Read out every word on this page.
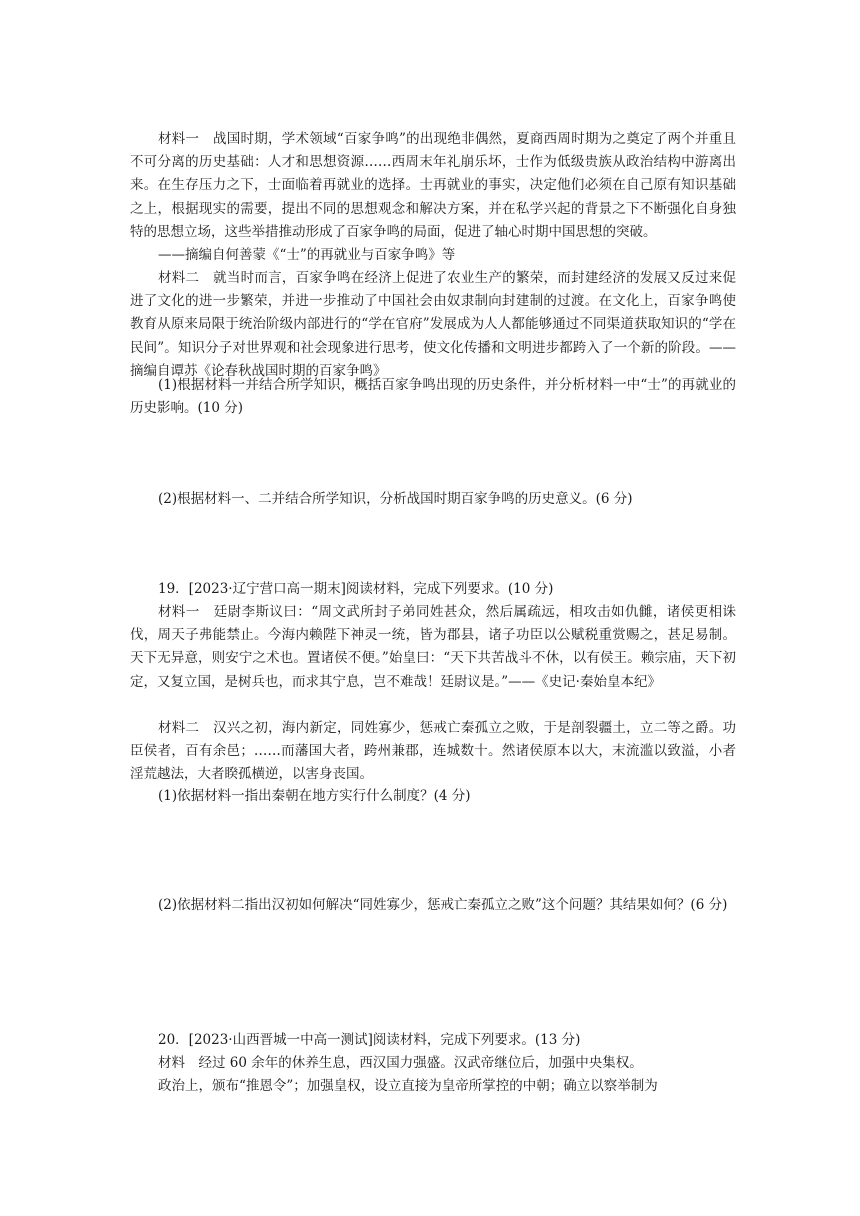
材料一　战国时期，学术领域“百家争鸣”的出现绝非偶然，夏商西周时期为之奠定了两个并重且不可分离的历史基础：人才和思想资源……西周末年礼崩乐坏，士作为低级贵族从政治结构中游离出来。在生存压力之下，士面临着再就业的选择。士再就业的事实，决定他们必须在自己原有知识基础之上，根据现实的需要，提出不同的思想观念和解决方案，并在私学兴起的背景之下不断强化自身独特的思想立场，这些举措推动形成了百家争鸣的局面，促进了轴心时期中国思想的突破。

——摘编自何善蒙《“士”的再就业与百家争鸣》等

材料二　就当时而言，百家争鸣在经济上促进了农业生产的繁荣，而封建经济的发展又反过来促进了文化的进一步繁荣，并进一步推动了中国社会由奴隶制向封建制的过渡。在文化上，百家争鸣使教育从原来局限于统治阶级内部进行的“学在官府”发展成为人人都能够通过不同渠道获取知识的“学在民间”。知识分子对世界观和社会现象进行思考，使文化传播和文明进步都跨入了一个新的阶段。——摘编自谭苏《论春秋战国时期的百家争鸣》

(1)根据材料一并结合所学知识，概括百家争鸣出现的历史条件，并分析材料一中“士”的再就业的历史影响。(10 分)

(2)根据材料一、二并结合所学知识，分析战国时期百家争鸣的历史意义。(6 分)

19．[2023·辽宁营口高一期末]阅读材料，完成下列要求。(10 分)

材料一　廷尉李斯议曰：“周文武所封子弟同姓甚众，然后属疏远，相攻击如仇雠，诸侯更相诛伐，周天子弗能禁止。今海内赖陛下神灵一统，皆为郡县，诸子功臣以公赋税重赏赐之，甚足易制。天下无异意，则安宁之术也。置诸侯不便。”始皇曰：“天下共苦战斗不休，以有侯王。赖宗庙，天下初定，又复立国，是树兵也，而求其宁息，岂不难哉！廷尉议是。”——《史记·秦始皇本纪》

材料二　汉兴之初，海内新定，同姓寡少，惩戒亡秦孤立之败，于是剖裂疆土，立二等之爵。功臣侯者，百有余邑；……而藩国大者，跨州兼郡，连城数十。然诸侯原本以大，末流滥以致溢，小者淫荒越法，大者睽孤横逆，以害身丧国。

(1)依据材料一指出秦朝在地方实行什么制度？(4 分)

(2)依据材料二指出汉初如何解决“同姓寡少，惩戒亡秦孤立之败”这个问题？其结果如何？(6 分)

20．[2023·山西晋城一中高一测试]阅读材料，完成下列要求。(13 分)

材料　经过 60 余年的休养生息，西汉国力强盛。汉武帝继位后，加强中央集权。

政治上，颁布“推恩令”；加强皇权，设立直接为皇帝所掌控的中朝；确立以察举制为
